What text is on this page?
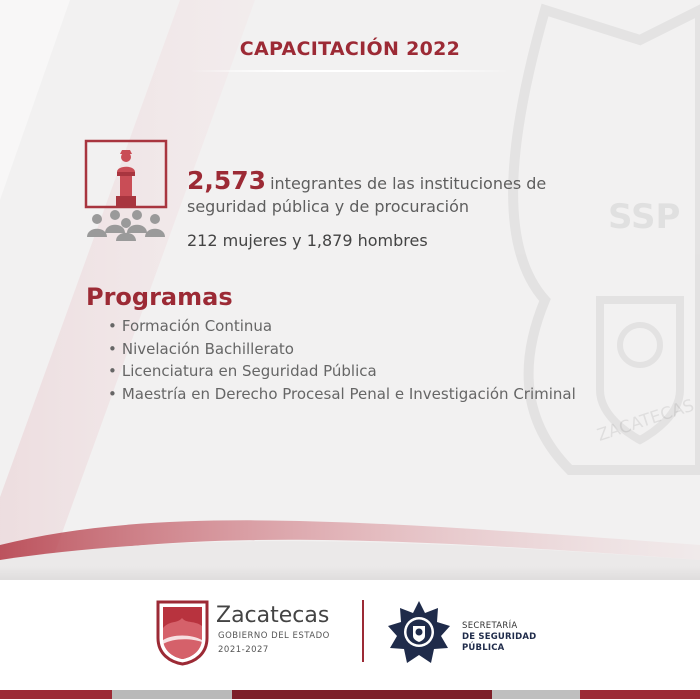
SSP
ZACATECAS
CAPACITACIÓN 2022
2,573 integrantes de las instituciones de
seguridad pública y de procuración
212 mujeres y 1,879 hombres
Programas
• Formación Continua
• Nivelación Bachillerato
• Licenciatura en Seguridad Pública
• Maestría en Derecho Procesal Penal e Investigación Criminal
Zacatecas
GOBIERNO DEL ESTADO
2021-2027
SECRETARÍA
DE SEGURIDAD
PÚBLICA
